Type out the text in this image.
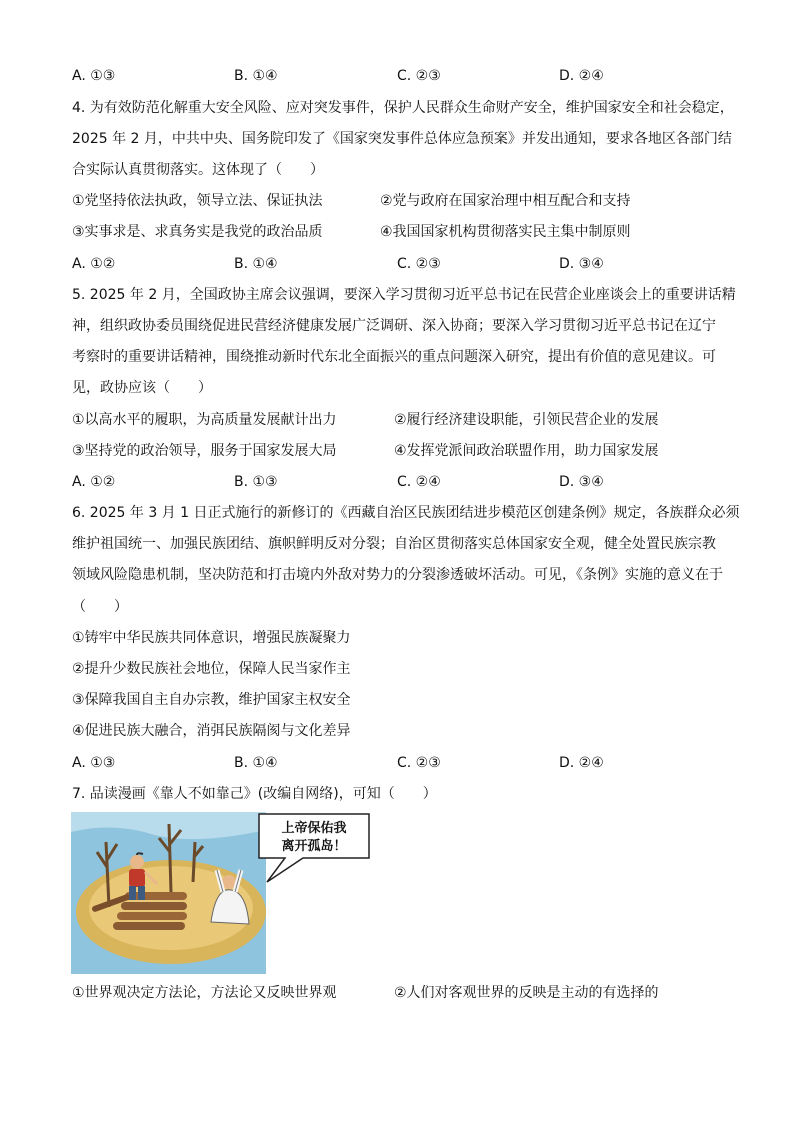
A. ①③	B. ①④	C. ②③	D. ②④
4. 为有效防范化解重大安全风险、应对突发事件，保护人民群众生命财产安全，维护国家安全和社会稳定，
2025 年 2 月，中共中央、国务院印发了《国家突发事件总体应急预案》并发出通知，要求各地区各部门结
合实际认真贯彻落实。这体现了（　　）
①党坚持依法执政，领导立法、保证执法	②党与政府在国家治理中相互配合和支持
③实事求是、求真务实是我党的政治品质	④我国国家机构贯彻落实民主集中制原则
A. ①②	B. ①④	C. ②③	D. ③④
5. 2025 年 2 月，全国政协主席会议强调，要深入学习贯彻习近平总书记在民营企业座谈会上的重要讲话精
神，组织政协委员围绕促进民营经济健康发展广泛调研、深入协商；要深入学习贯彻习近平总书记在辽宁
考察时的重要讲话精神，围绕推动新时代东北全面振兴的重点问题深入研究，提出有价值的意见建议。可
见，政协应该（　　）
①以高水平的履职，为高质量发展献计出力	②履行经济建设职能，引领民营企业的发展
③坚持党的政治领导，服务于国家发展大局	④发挥党派间政治联盟作用，助力国家发展
A. ①②	B. ①③	C. ②④	D. ③④
6. 2025 年 3 月 1 日正式施行的新修订的《西藏自治区民族团结进步模范区创建条例》规定，各族群众必须
维护祖国统一、加强民族团结、旗帜鲜明反对分裂；自治区贯彻落实总体国家安全观，健全处置民族宗教
领域风险隐患机制，坚决防范和打击境内外敌对势力的分裂渗透破坏活动。可见，《条例》实施的意义在于
（　　）
①铸牢中华民族共同体意识，增强民族凝聚力
②提升少数民族社会地位，保障人民当家作主
③保障我国自主自办宗教，维护国家主权安全
④促进民族大融合，消弭民族隔阂与文化差异
A. ①③	B. ①④	C. ②③	D. ②④
7. 品读漫画《靠人不如靠己》(改编自网络)，可知（　　）
上帝保佑我
离开孤岛！
①世界观决定方法论，方法论又反映世界观	②人们对客观世界的反映是主动的有选择的
